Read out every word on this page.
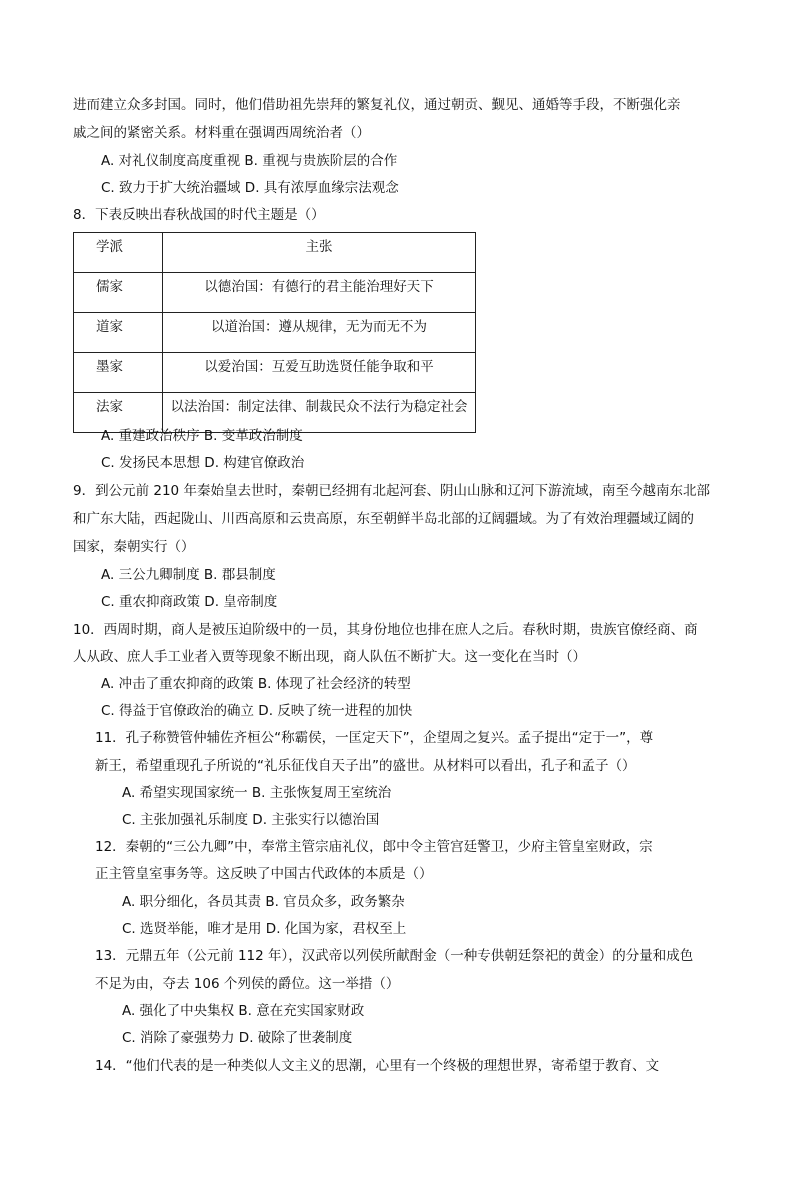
进而建立众多封国。同时，他们借助祖先崇拜的繁复礼仪，通过朝贡、觐见、通婚等手段，不断强化亲
戚之间的紧密关系。材料重在强调西周统治者（）
A. 对礼仪制度高度重视 B. 重视与贵族阶层的合作
C. 致力于扩大统治疆域 D. 具有浓厚血缘宗法观念
8．下表反映出春秋战国的时代主题是（）
学派	主张
儒家	以德治国：有德行的君主能治理好天下
道家	以道治国：遵从规律，无为而无不为
墨家	以爱治国：互爱互助选贤任能争取和平
法家	以法治国：制定法律、制裁民众不法行为稳定社会
A. 重建政治秩序 B. 变革政治制度
C. 发扬民本思想 D. 构建官僚政治
9．到公元前 210 年秦始皇去世时，秦朝已经拥有北起河套、阴山山脉和辽河下游流域，南至今越南东北部
和广东大陆，西起陇山、川西高原和云贵高原，东至朝鲜半岛北部的辽阔疆域。为了有效治理疆域辽阔的
国家，秦朝实行（）
A. 三公九卿制度 B. 郡县制度
C. 重农抑商政策 D. 皇帝制度
10．西周时期，商人是被压迫阶级中的一员，其身份地位也排在庶人之后。春秋时期，贵族官僚经商、商
人从政、庶人手工业者入贾等现象不断出现，商人队伍不断扩大。这一变化在当时（）
A. 冲击了重农抑商的政策 B. 体现了社会经济的转型
C. 得益于官僚政治的确立 D. 反映了统一进程的加快
11．孔子称赞管仲辅佐齐桓公“称霸侯，一匡定天下”，企望周之复兴。孟子提出“定于一”，尊
新王，希望重现孔子所说的“礼乐征伐自天子出”的盛世。从材料可以看出，孔子和孟子（）
A. 希望实现国家统一 B. 主张恢复周王室统治
C. 主张加强礼乐制度 D. 主张实行以德治国
12．秦朝的“三公九卿”中，奉常主管宗庙礼仪，郎中令主管宫廷警卫，少府主管皇室财政，宗
正主管皇室事务等。这反映了中国古代政体的本质是（）
A. 职分细化，各员其责 B. 官员众多，政务繁杂
C. 选贤举能，唯才是用 D. 化国为家，君权至上
13．元鼎五年（公元前 112 年），汉武帝以列侯所献酎金（一种专供朝廷祭祀的黄金）的分量和成色
不足为由，夺去 106 个列侯的爵位。这一举措（）
A. 强化了中央集权 B. 意在充实国家财政
C. 消除了豪强势力 D. 破除了世袭制度
14．“他们代表的是一种类似人文主义的思潮，心里有一个终极的理想世界，寄希望于教育、文
